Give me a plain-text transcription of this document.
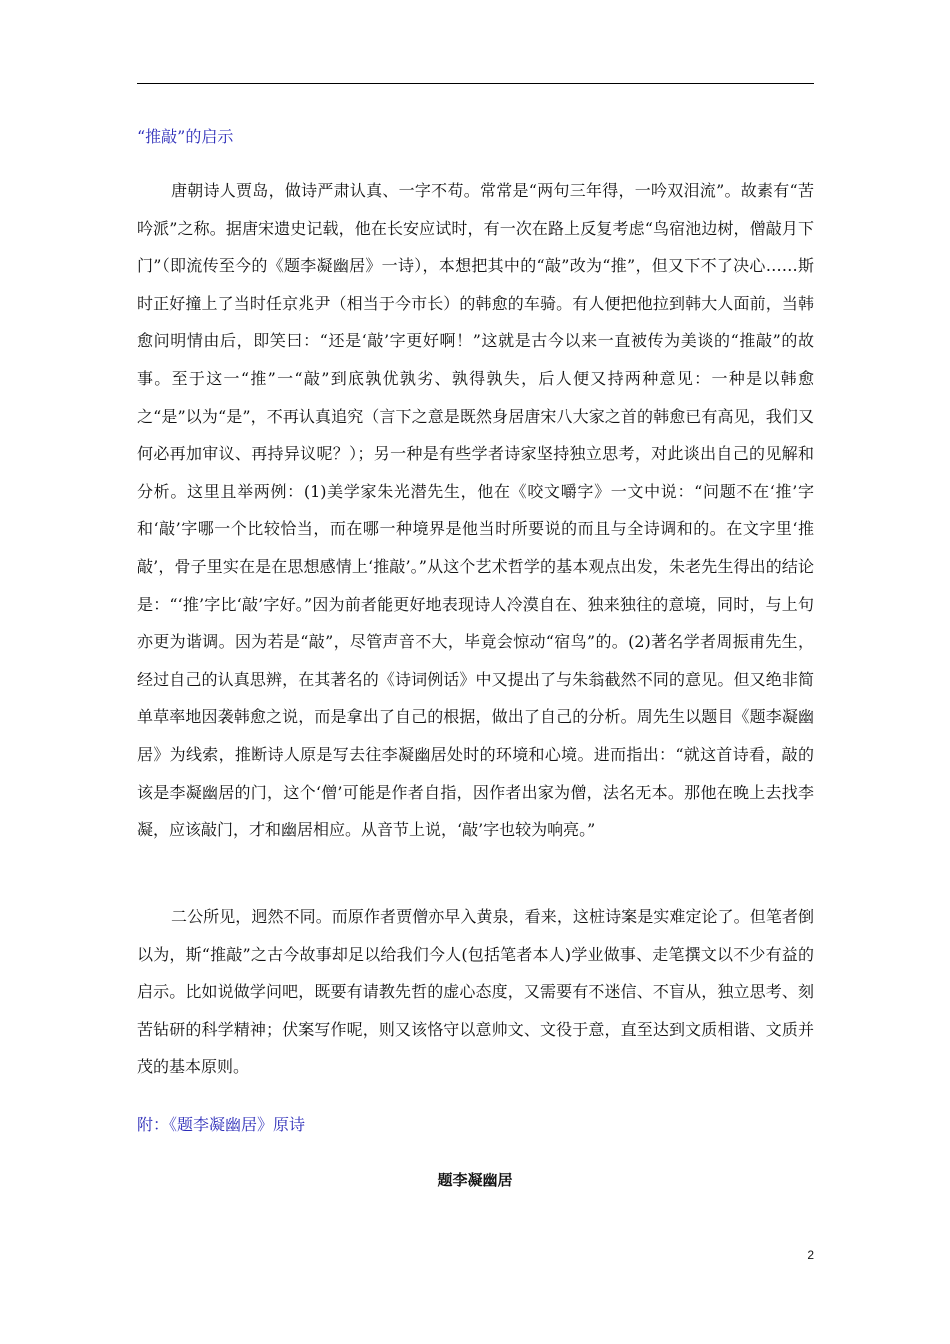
“推敲”的启示

唐朝诗人贾岛，做诗严肃认真、一字不苟。常常是“两句三年得，一吟双泪流”。故素有“苦吟派”之称。据唐宋遗史记载，他在长安应试时，有一次在路上反复考虑“鸟宿池边树，僧敲月下门”（即流传至今的《题李凝幽居》一诗），本想把其中的“敲”改为“推”，但又下不了决心……斯时正好撞上了当时任京兆尹（相当于今市长）的韩愈的车骑。有人便把他拉到韩大人面前，当韩愈问明情由后，即笑曰：“还是‘敲’字更好啊！”这就是古今以来一直被传为美谈的“推敲”的故事。至于这一“推”一“敲”到底孰优孰劣、孰得孰失，后人便又持两种意见：一种是以韩愈之“是”以为“是”，不再认真追究（言下之意是既然身居唐宋八大家之首的韩愈已有高见，我们又何必再加审议、再持异议呢？）；另一种是有些学者诗家坚持独立思考，对此谈出自己的见解和分析。这里且举两例：(1)美学家朱光潜先生，他在《咬文嚼字》一文中说：“问题不在‘推’字和‘敲’字哪一个比较恰当，而在哪一种境界是他当时所要说的而且与全诗调和的。在文字里‘推敲’，骨子里实在是在思想感情上‘推敲’。”从这个艺术哲学的基本观点出发，朱老先生得出的结论是：“‘推’字比‘敲’字好。”因为前者能更好地表现诗人冷漠自在、独来独往的意境，同时，与上句亦更为谐调。因为若是“敲”，尽管声音不大，毕竟会惊动“宿鸟”的。(2)著名学者周振甫先生，经过自己的认真思辨，在其著名的《诗词例话》中又提出了与朱翁截然不同的意见。但又绝非简单草率地因袭韩愈之说，而是拿出了自己的根据，做出了自己的分析。周先生以题目《题李凝幽居》为线索，推断诗人原是写去往李凝幽居处时的环境和心境。进而指出：“就这首诗看，敲的该是李凝幽居的门，这个‘僧’可能是作者自指，因作者出家为僧，法名无本。那他在晚上去找李凝，应该敲门，才和幽居相应。从音节上说，‘敲’字也较为响亮。”

二公所见，迥然不同。而原作者贾僧亦早入黄泉，看来，这桩诗案是实难定论了。但笔者倒以为，斯“推敲”之古今故事却足以给我们今人(包括笔者本人)学业做事、走笔撰文以不少有益的启示。比如说做学问吧，既要有请教先哲的虚心态度，又需要有不迷信、不盲从，独立思考、刻苦钻研的科学精神；伏案写作呢，则又该恪守以意帅文、文役于意，直至达到文质相谐、文质并茂的基本原则。

附：《题李凝幽居》原诗
题李凝幽居
2
